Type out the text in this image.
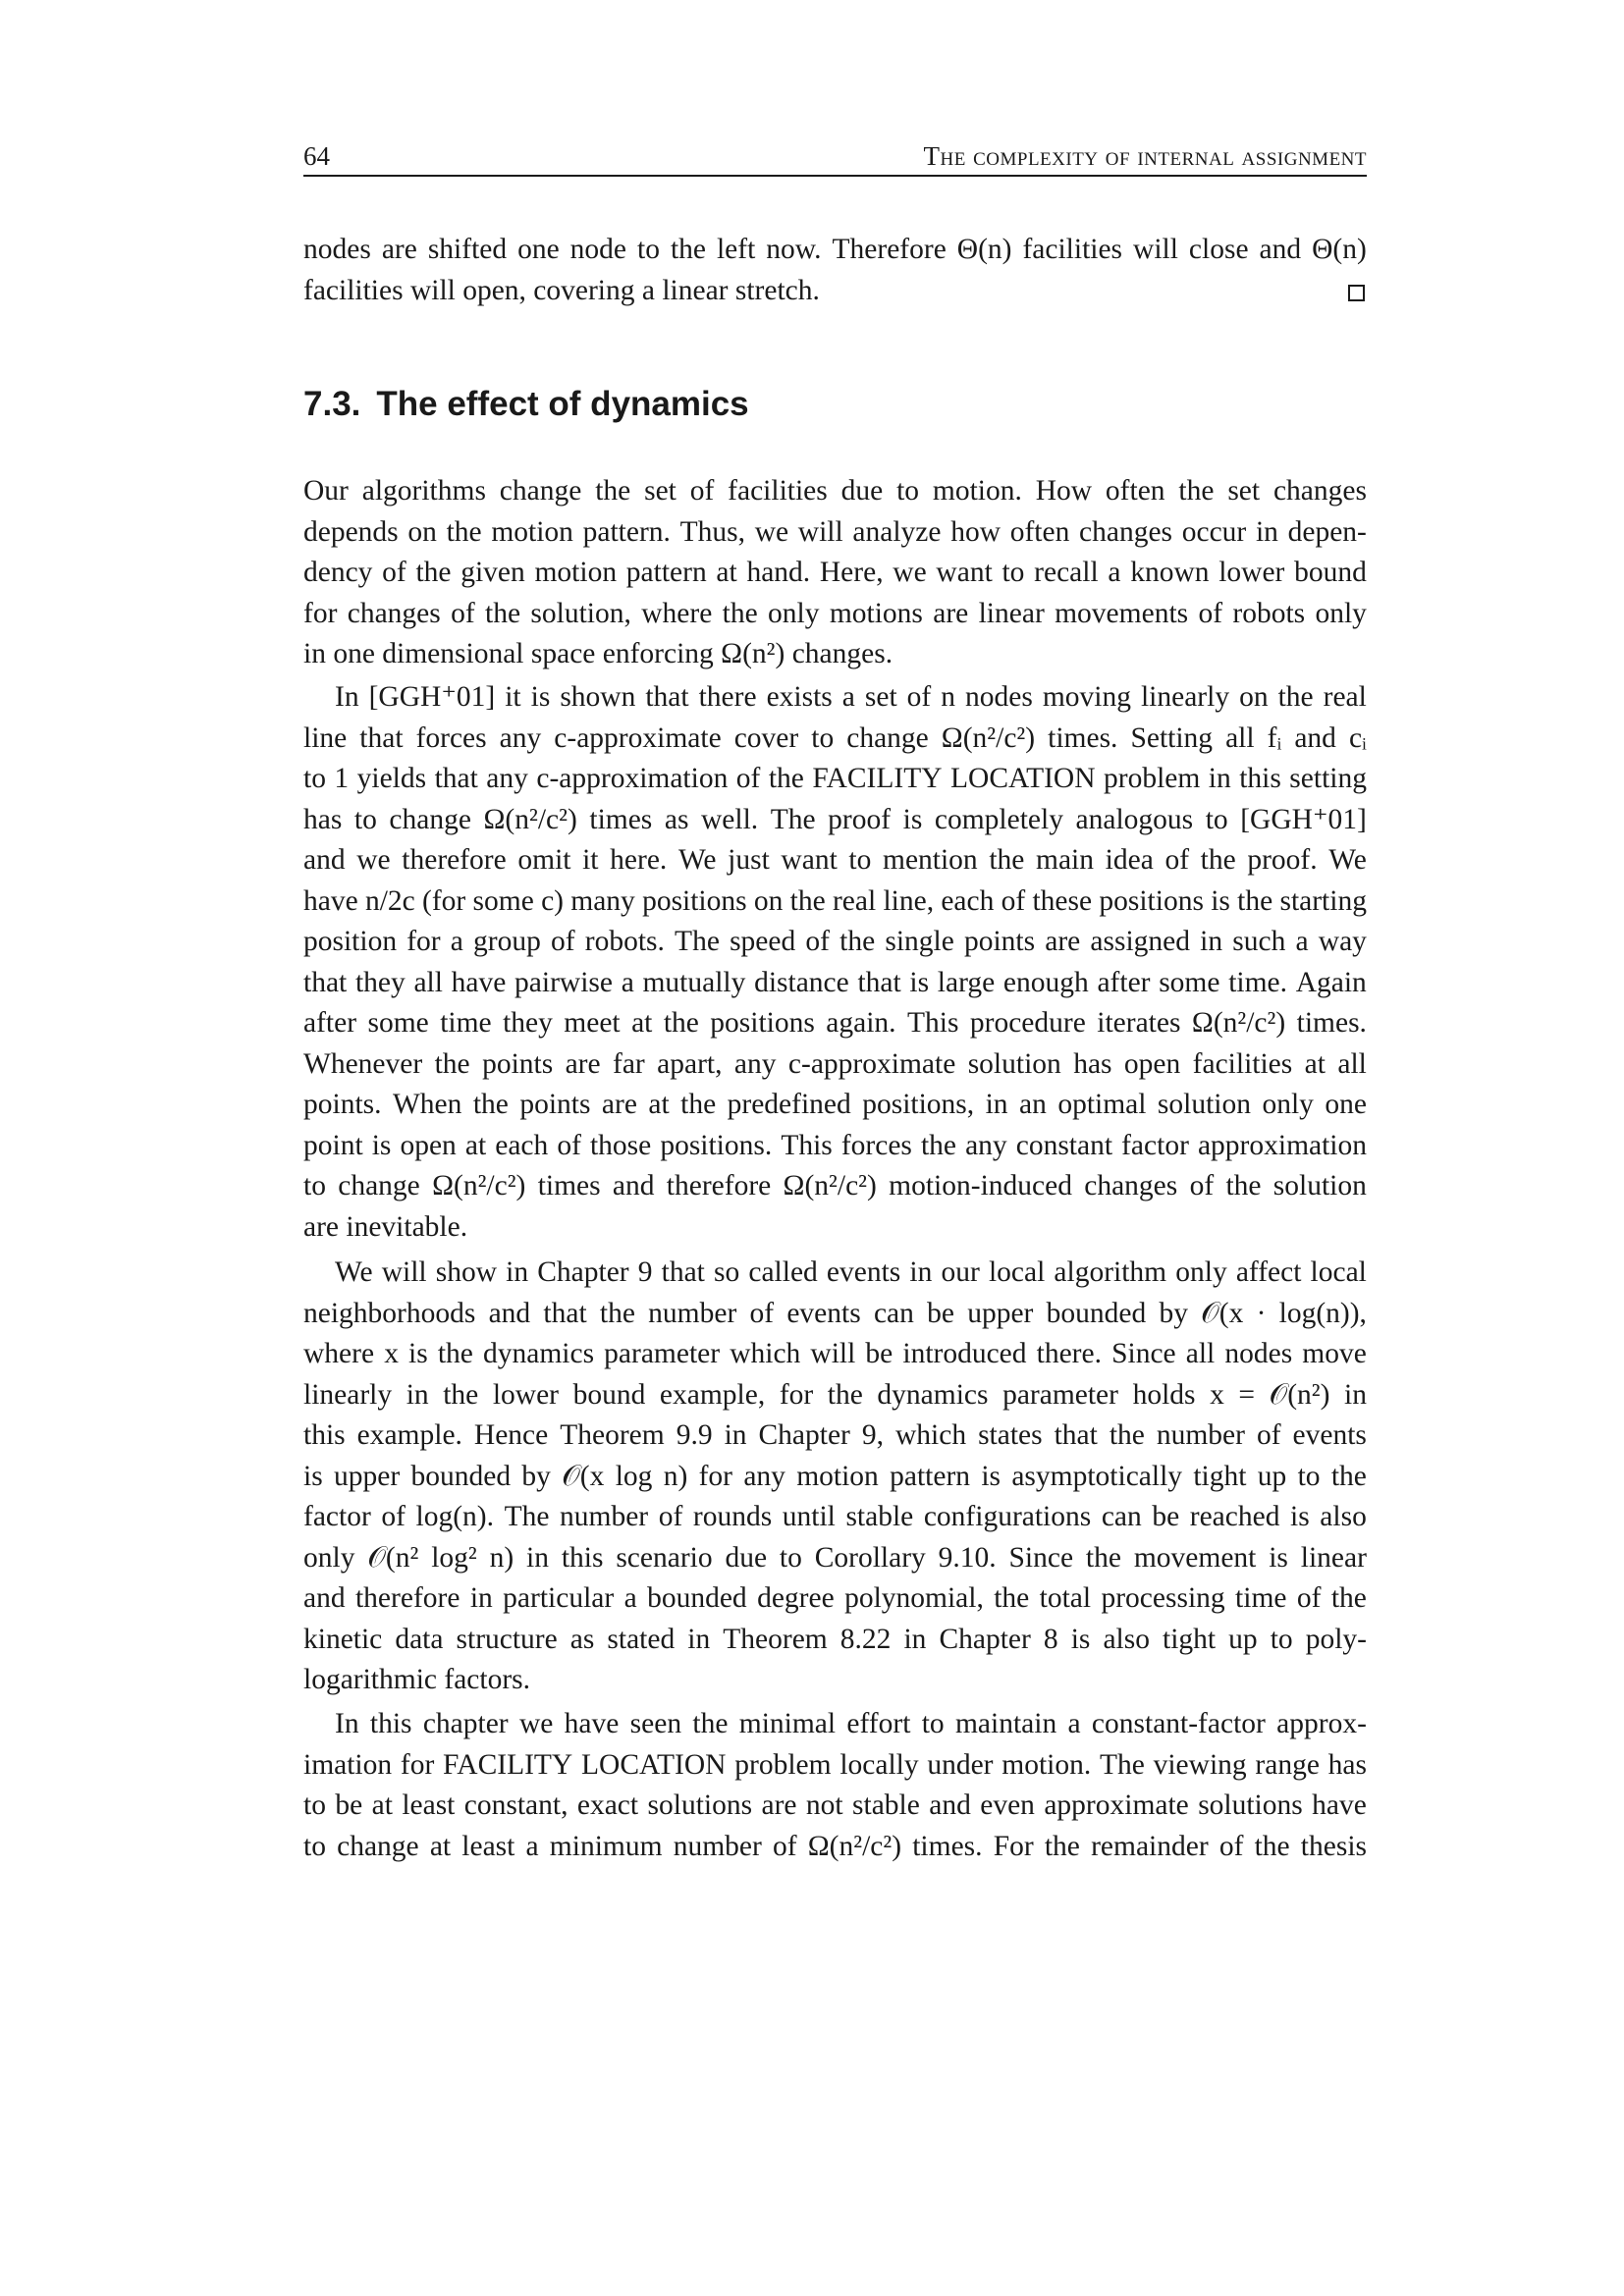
64	The complexity of internal assignment
nodes are shifted one node to the left now. Therefore Θ(n) facilities will close and Θ(n)
facilities will open, covering a linear stretch.
7.3. The effect of dynamics
Our algorithms change the set of facilities due to motion. How often the set changes
depends on the motion pattern. Thus, we will analyze how often changes occur in depen-
dency of the given motion pattern at hand. Here, we want to recall a known lower bound
for changes of the solution, where the only motions are linear movements of robots only
in one dimensional space enforcing Ω(n²) changes.
In [GGH⁺01] it is shown that there exists a set of n nodes moving linearly on the real
line that forces any c-approximate cover to change Ω(n²/c²) times. Setting all fᵢ and cᵢ
to 1 yields that any c-approximation of the FACILITY LOCATION problem in this setting
has to change Ω(n²/c²) times as well. The proof is completely analogous to [GGH⁺01]
and we therefore omit it here. We just want to mention the main idea of the proof. We
have n/2c (for some c) many positions on the real line, each of these positions is the starting
position for a group of robots. The speed of the single points are assigned in such a way
that they all have pairwise a mutually distance that is large enough after some time. Again
after some time they meet at the positions again. This procedure iterates Ω(n²/c²) times.
Whenever the points are far apart, any c-approximate solution has open facilities at all
points. When the points are at the predefined positions, in an optimal solution only one
point is open at each of those positions. This forces the any constant factor approximation
to change Ω(n²/c²) times and therefore Ω(n²/c²) motion-induced changes of the solution
are inevitable.
We will show in Chapter 9 that so called events in our local algorithm only affect local
neighborhoods and that the number of events can be upper bounded by 𝒪(x · log(n)),
where x is the dynamics parameter which will be introduced there. Since all nodes move
linearly in the lower bound example, for the dynamics parameter holds x = 𝒪(n²) in
this example. Hence Theorem 9.9 in Chapter 9, which states that the number of events
is upper bounded by 𝒪(x log n) for any motion pattern is asymptotically tight up to the
factor of log(n). The number of rounds until stable configurations can be reached is also
only 𝒪(n² log² n) in this scenario due to Corollary 9.10. Since the movement is linear
and therefore in particular a bounded degree polynomial, the total processing time of the
kinetic data structure as stated in Theorem 8.22 in Chapter 8 is also tight up to poly-
logarithmic factors.
In this chapter we have seen the minimal effort to maintain a constant-factor approx-
imation for FACILITY LOCATION problem locally under motion. The viewing range has
to be at least constant, exact solutions are not stable and even approximate solutions have
to change at least a minimum number of Ω(n²/c²) times. For the remainder of the thesis
